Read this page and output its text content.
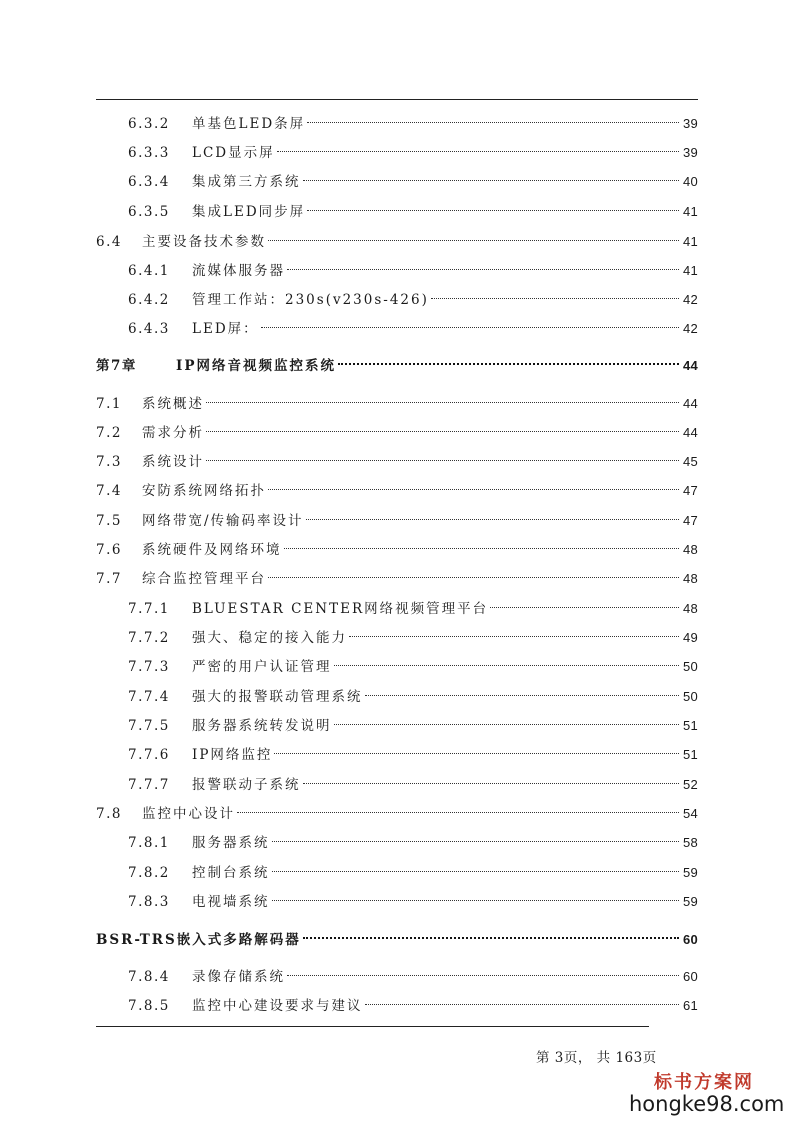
6.3.2	单基色LED条屏	39
6.3.3	LCD显示屏	39
6.3.4	集成第三方系统	40
6.3.5	集成LED同步屏	41
6.4	主要设备技术参数	41
6.4.1	流媒体服务器	41
6.4.2	管理工作站：230s(v230s-426)	42
6.4.3	LED屏：	42
第7章	IP网络音视频监控系统	44
7.1	系统概述	44
7.2	需求分析	44
7.3	系统设计	45
7.4	安防系统网络拓扑	47
7.5	网络带宽/传输码率设计	47
7.6	系统硬件及网络环境	48
7.7	综合监控管理平台	48
7.7.1	BLUESTAR CENTER网络视频管理平台	48
7.7.2	强大、稳定的接入能力	49
7.7.3	严密的用户认证管理	50
7.7.4	强大的报警联动管理系统	50
7.7.5	服务器系统转发说明	51
7.7.6	IP网络监控	51
7.7.7	报警联动子系统	52
7.8	监控中心设计	54
7.8.1	服务器系统	58
7.8.2	控制台系统	59
7.8.3	电视墙系统	59
BSR-TRS嵌入式多路解码器	60
7.8.4	录像存储系统	60
7.8.5	监控中心建设要求与建议	61
第 3页， 共 163页
标书方案网
hongke98.com
